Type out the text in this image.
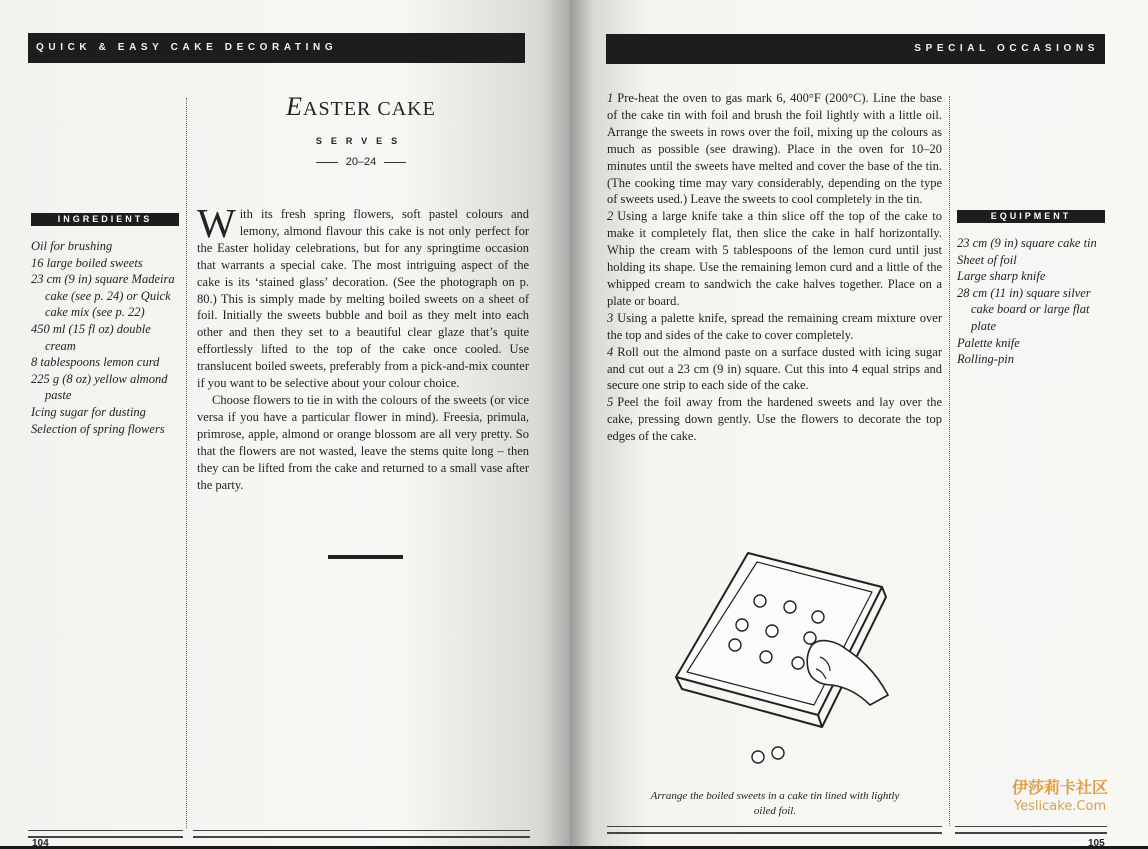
QUICK & EASY CAKE DECORATING
INGREDIENTS
Oil for brushing
16 large boiled sweets
23 cm (9 in) square Madeira cake (see p. 24) or Quick cake mix (see p. 22)
450 ml (15 fl oz) double cream
8 tablespoons lemon curd
225 g (8 oz) yellow almond paste
Icing sugar for dusting
Selection of spring flowers
EASTER CAKE
SERVES
20–24

With its fresh spring flowers, soft pastel colours and lemony, almond flavour this cake is not only perfect for the Easter holiday celebrations, but for any springtime occasion that warrants a special cake. The most intriguing aspect of the cake is its ‘stained glass’ decoration. (See the photograph on p. 80.) This is simply made by melting boiled sweets on a sheet of foil. Initially the sweets bubble and boil as they melt into each other and then they set to a beautiful clear glaze that’s quite effortlessly lifted to the top of the cake once cooled. Use translucent boiled sweets, preferably from a pick-and-mix counter if you want to be selective about your colour choice.

Choose flowers to tie in with the colours of the sweets (or vice versa if you have a particular flower in mind). Freesia, primula, primrose, apple, almond or orange blossom are all very pretty. So that the flowers are not wasted, leave the stems quite long – then they can be lifted from the cake and returned to a small vase after the party.

104
SPECIAL OCCASIONS

1 Pre-heat the oven to gas mark 6, 400°F (200°C). Line the base of the cake tin with foil and brush the foil lightly with a little oil. Arrange the sweets in rows over the foil, mixing up the colours as much as possible (see drawing). Place in the oven for 10–20 minutes until the sweets have melted and cover the base of the tin. (The cooking time may vary considerably, depending on the type of sweets used.) Leave the sweets to cool completely in the tin.

2 Using a large knife take a thin slice off the top of the cake to make it completely flat, then slice the cake in half horizontally. Whip the cream with 5 tablespoons of the lemon curd until just holding its shape. Use the remaining lemon curd and a little of the whipped cream to sandwich the cake halves together. Place on a plate or board.

3 Using a palette knife, spread the remaining cream mixture over the top and sides of the cake to cover completely.

4 Roll out the almond paste on a surface dusted with icing sugar and cut out a 23 cm (9 in) square. Cut this into 4 equal strips and secure one strip to each side of the cake.

5 Peel the foil away from the hardened sweets and lay over the cake, pressing down gently. Use the flowers to decorate the top edges of the cake.

EQUIPMENT
23 cm (9 in) square cake tin
Sheet of foil
Large sharp knife
28 cm (11 in) square silver cake board or large flat plate
Palette knife
Rolling-pin
Arrange the boiled sweets in a cake tin lined with lightly oiled foil.
105
伊莎莉卡社区
Yeslicake.Com
